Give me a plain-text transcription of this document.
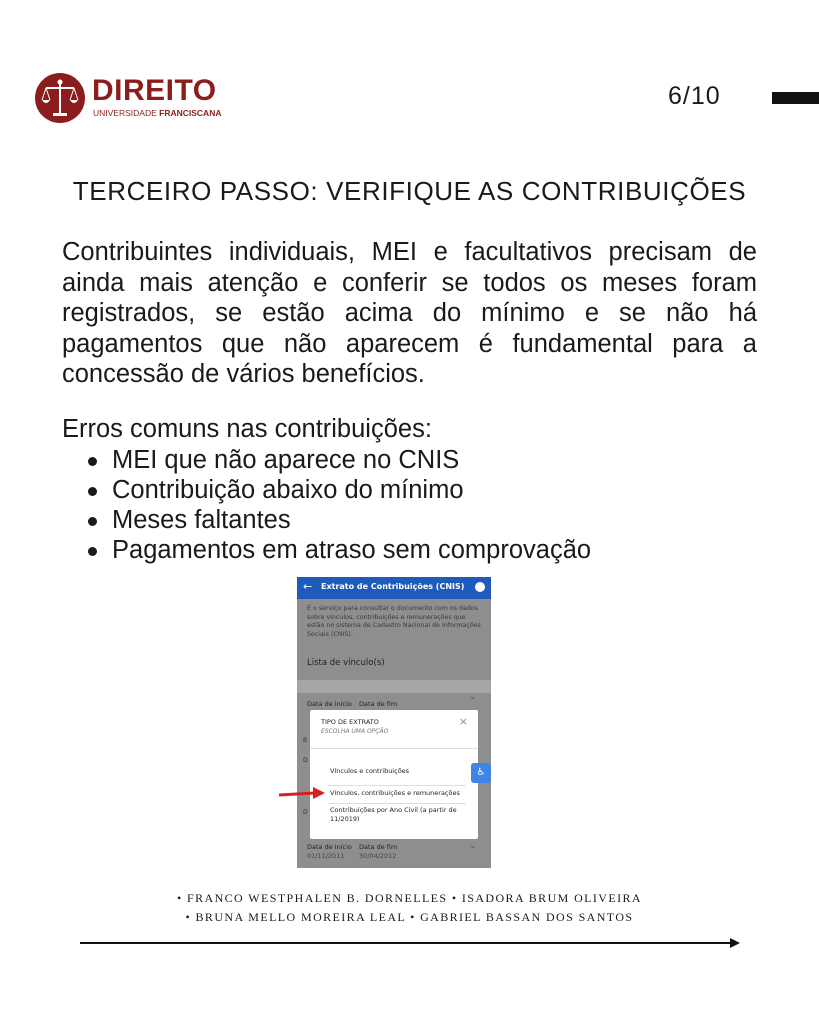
DIREITO
UNIVERSIDADE FRANCISCANA
6/10
TERCEIRO PASSO: VERIFIQUE AS CONTRIBUIÇÕES

Contribuintes individuais, MEI e facultativos precisam de ainda mais atenção e conferir se todos os meses foram registrados, se estão acima do mínimo e se não há pagamentos que não aparecem é fundamental para a concessão de vários benefícios.

Erros comuns nas contribuições:
MEI que não aparece no CNIS
Contribuição abaixo do mínimo
Meses faltantes
Pagamentos em atraso sem comprovação
← Extrato de Contribuições (CNIS)

É o serviço para consultar o documento com os dados sobre vínculos, contribuições e remunerações que estão no sistema de Cadastro Nacional de Informações Sociais (CNIS).

Lista de vínculo(s)
⌄
Data de início Data de fim
B
D
D
TIPO DE EXTRATO
ESCOLHA UMA OPÇÃO
×
Vínculos e contribuições
Vínculos, contribuições e remunerações
Contribuições por Ano Civil (a partir de 11/2019)
♿
Data de início Data de fim
01/11/2011 30/04/2012
⌄
• FRANCO WESTPHALEN B. DORNELLES • ISADORA BRUM OLIVEIRA
• BRUNA MELLO MOREIRA LEAL • GABRIEL BASSAN DOS SANTOS
